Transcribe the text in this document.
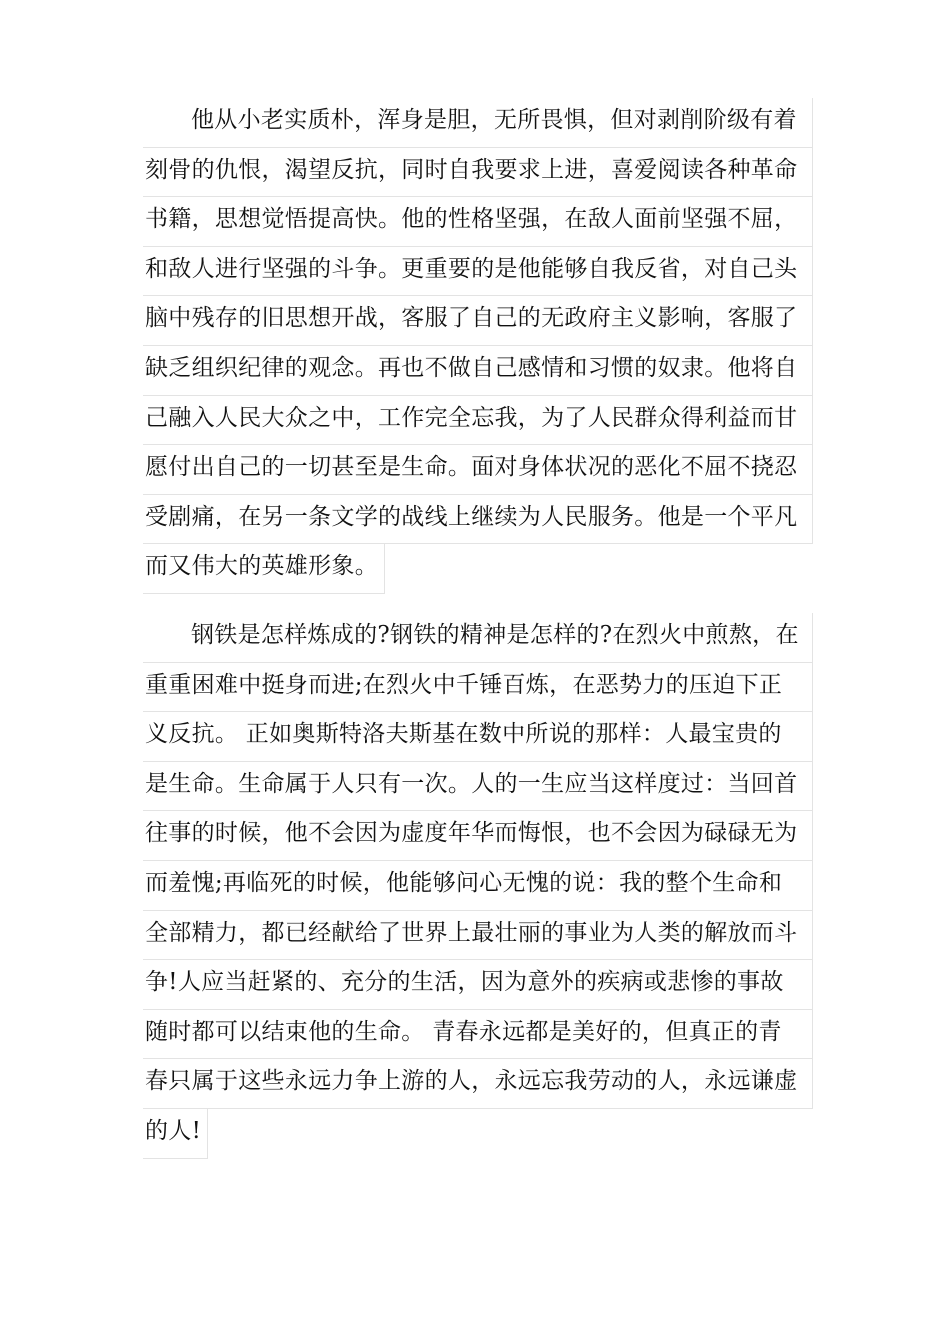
他从小老实质朴，浑身是胆，无所畏惧，但对剥削阶级有着
刻骨的仇恨，渴望反抗，同时自我要求上进，喜爱阅读各种革命
书籍，思想觉悟提高快。他的性格坚强，在敌人面前坚强不屈，
和敌人进行坚强的斗争。更重要的是他能够自我反省，对自己头
脑中残存的旧思想开战，客服了自己的无政府主义影响，客服了
缺乏组织纪律的观念。再也不做自己感情和习惯的奴隶。他将自
己融入人民大众之中，工作完全忘我，为了人民群众得利益而甘
愿付出自己的一切甚至是生命。面对身体状况的恶化不屈不挠忍
受剧痛，在另一条文学的战线上继续为人民服务。他是一个平凡
而又伟大的英雄形象。
钢铁是怎样炼成的?钢铁的精神是怎样的?在烈火中煎熬，在
重重困难中挺身而进;在烈火中千锤百炼，在恶势力的压迫下正
义反抗。 正如奥斯特洛夫斯基在数中所说的那样：人最宝贵的
是生命。生命属于人只有一次。人的一生应当这样度过：当回首
往事的时候，他不会因为虚度年华而悔恨，也不会因为碌碌无为
而羞愧;再临死的时候，他能够问心无愧的说：我的整个生命和
全部精力，都已经献给了世界上最壮丽的事业为人类的解放而斗
争!人应当赶紧的、充分的生活，因为意外的疾病或悲惨的事故
随时都可以结束他的生命。 青春永远都是美好的，但真正的青
春只属于这些永远力争上游的人，永远忘我劳动的人，永远谦虚
的人!
